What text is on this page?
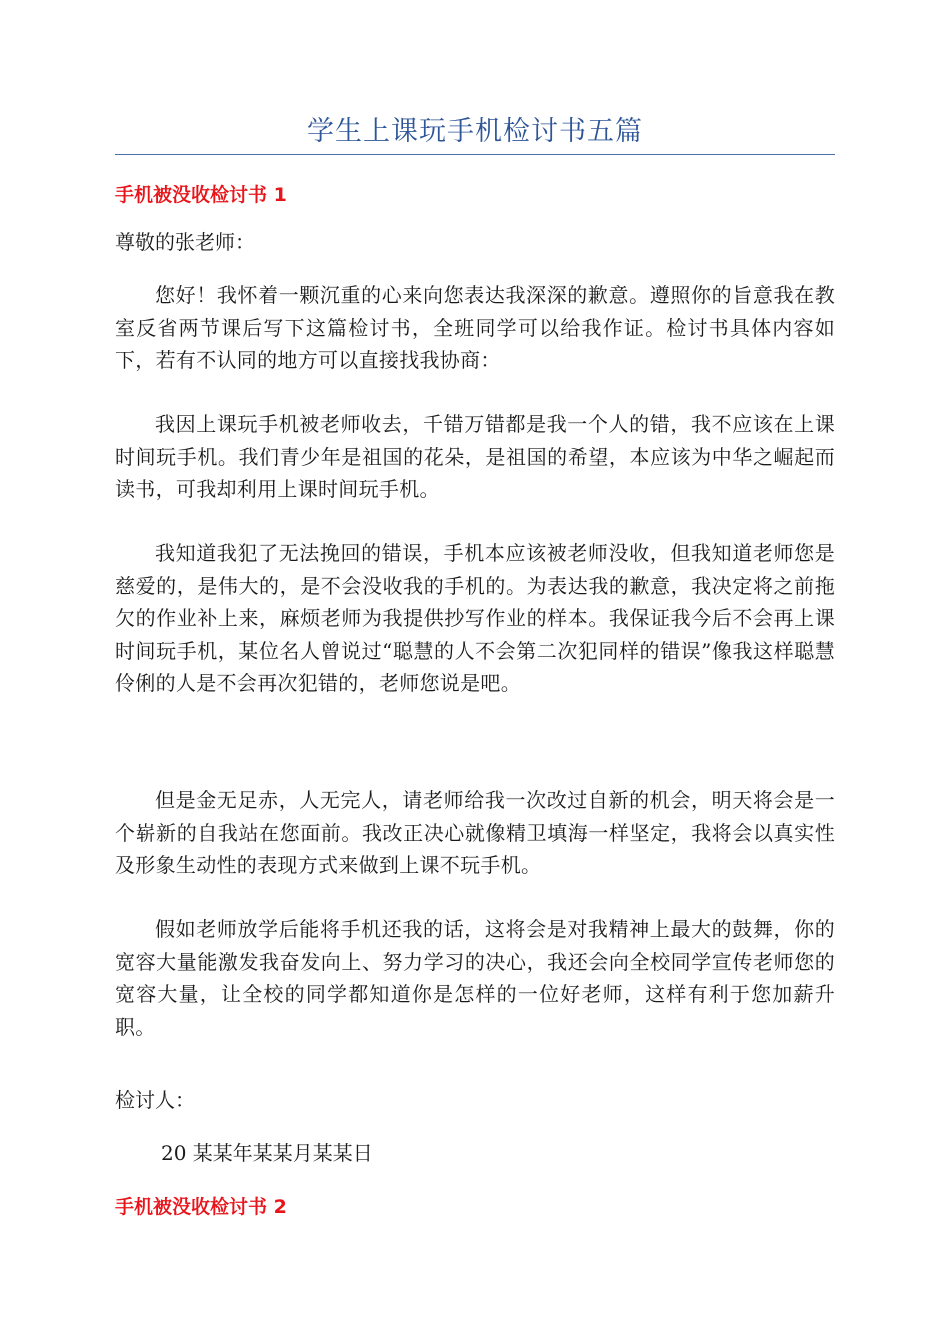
学生上课玩手机检讨书五篇
手机被没收检讨书 1
尊敬的张老师：
您好！我怀着一颗沉重的心来向您表达我深深的歉意。遵照你的旨意我在教室反省两节课后写下这篇检讨书，全班同学可以给我作证。检讨书具体内容如下，若有不认同的地方可以直接找我协商：
我因上课玩手机被老师收去，千错万错都是我一个人的错，我不应该在上课时间玩手机。我们青少年是祖国的花朵，是祖国的希望，本应该为中华之崛起而读书，可我却利用上课时间玩手机。
我知道我犯了无法挽回的错误，手机本应该被老师没收，但我知道老师您是慈爱的，是伟大的，是不会没收我的手机的。为表达我的歉意，我决定将之前拖欠的作业补上来，麻烦老师为我提供抄写作业的样本。我保证我今后不会再上课时间玩手机，某位名人曾说过“聪慧的人不会第二次犯同样的错误”像我这样聪慧伶俐的人是不会再次犯错的，老师您说是吧。
但是金无足赤，人无完人，请老师给我一次改过自新的机会，明天将会是一个崭新的自我站在您面前。我改正决心就像精卫填海一样坚定，我将会以真实性及形象生动性的表现方式来做到上课不玩手机。
假如老师放学后能将手机还我的话，这将会是对我精神上最大的鼓舞，你的宽容大量能激发我奋发向上、努力学习的决心，我还会向全校同学宣传老师您的宽容大量，让全校的同学都知道你是怎样的一位好老师，这样有利于您加薪升职。
检讨人：
20 某某年某某月某某日
手机被没收检讨书 2
